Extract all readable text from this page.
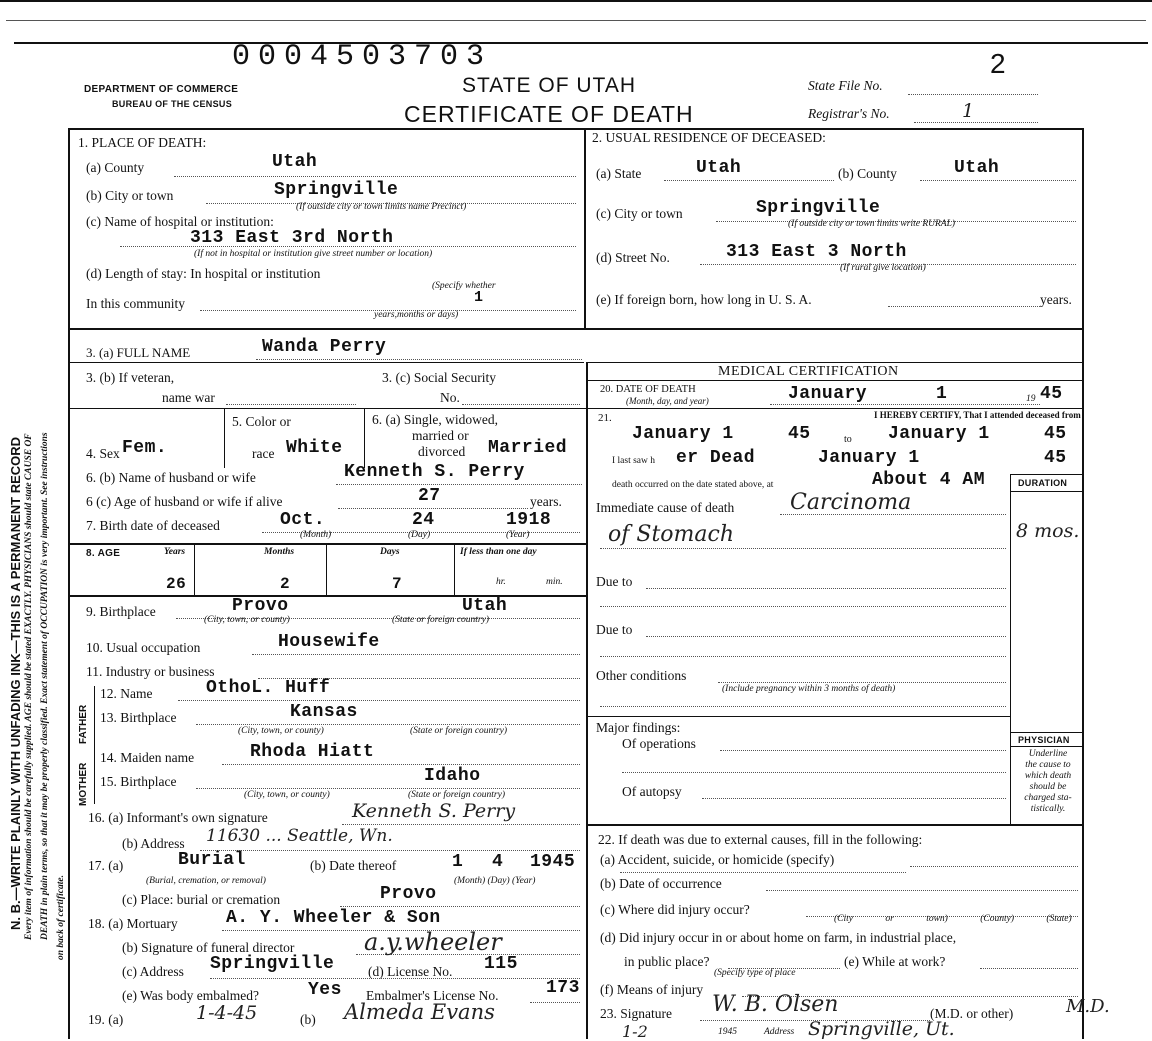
N. B.—WRITE PLAINLY WITH UNFADING INK—THIS IS A PERMANENT RECORD Every item of information should be carefully supplied. AGE should be stated EXACTLY. PHYSICIANS should state CAUSE OF DEATH in plain terms, so that it may be properly classified. Exact statement of OCCUPATION is very important. See instructions on back of certificate.
0004503703	2
DEPARTMENT OF COMMERCE
BUREAU OF THE CENSUS
STATE OF UTAH
CERTIFICATE OF DEATH
State File No.
Registrar's No.	1
1. PLACE OF DEATH:
(a) County	Utah
(b) City or town	Springville
(If outside city or town limits name Precinct)
(c) Name of hospital or institution:
313 East 3rd North
(If not in hospital or institution give street number or location)
(d) Length of stay: In hospital or institution
(Specify whether
In this community	1
years,months or days)
2. USUAL RESIDENCE OF DECEASED:
(a) State	Utah	(b) County	Utah
(c) City or town	Springville
(If outside city or town limits write RURAL)
(d) Street No.	313 East 3 North
(If rural give location)
(e) If foreign born, how long in U. S. A.	years.
3. (a) FULL NAME	Wanda Perry
3. (b) If veteran,
name war
3. (c) Social Security
No.
5. Color or
race White
4. Sex Fem.
6. (a) Single, widowed,
married or
divorced Married
6. (b) Name of husband or wife	Kenneth S. Perry
6 (c) Age of husband or wife if alive	27	years.
7. Birth date of deceased	Oct.	24	1918
(Month)	(Day)	(Year)
8. AGE	Years	Months	Days	If less than one day
26	2	7	hr.	min.
9. Birthplace	Provo	Utah
(City, town, or county)	(State or foreign country)
10. Usual occupation	Housewife
11. Industry or business
FATHER
MOTHER
12. Name	OthoL. Huff
13. Birthplace	Kansas
(City, town, or county)	(State or foreign country)
14. Maiden name	Rhoda Hiatt
15. Birthplace	Idaho
(City, town, or county)	(State or foreign country)
16. (a) Informant's own signature	Kenneth S. Perry
(b) Address 11630 ... Seattle, Wn.
17. (a)	Burial	(b) Date thereof	1 4 1945
(Burial, cremation, or removal)	(Month) (Day) (Year)
(c) Place: burial or cremation	Provo
18. (a) Mortuary	A. Y. Wheeler & Son
(b) Signature of funeral director	a.y.wheeler
(c) Address Springville (d) License No. 115
(e) Was body embalmed?	Yes Embalmer's License No.	173
19. (a)	1-4-45	(b) Almeda Evans
MEDICAL CERTIFICATION
20. DATE OF DEATH
(Month, day, and year)	January	1	19 45
21.	I HEREBY CERTIFY, That I attended deceased from
January 1	45	to January 1	45
I last saw h er Dead	January 1	45
death occurred on the date stated above, at	About 4 AM	DURATION
Immediate cause of death	Carcinoma
of Stomach	8 mos.
Due to
Due to
Other conditions
(Include pregnancy within 3 months of death)
Major findings:
Of operations
Of autopsy
PHYSICIAN
Underline
the cause to
which death
should be
charged sta-
tistically.
22. If death was due to external causes, fill in the following:
(a) Accident, suicide, or homicide (specify)
(b) Date of occurrence
(c) Where did injury occur?
(City or town) (County) (State)
(d) Did injury occur in or about home on farm, in industrial place,
in public place?
(Specify type of place
(e) While at work?
(f) Means of injury
23. Signature W. B. Olsen	(M.D. or other)	M.D.
1-2	1945	Address Springville, Ut.
